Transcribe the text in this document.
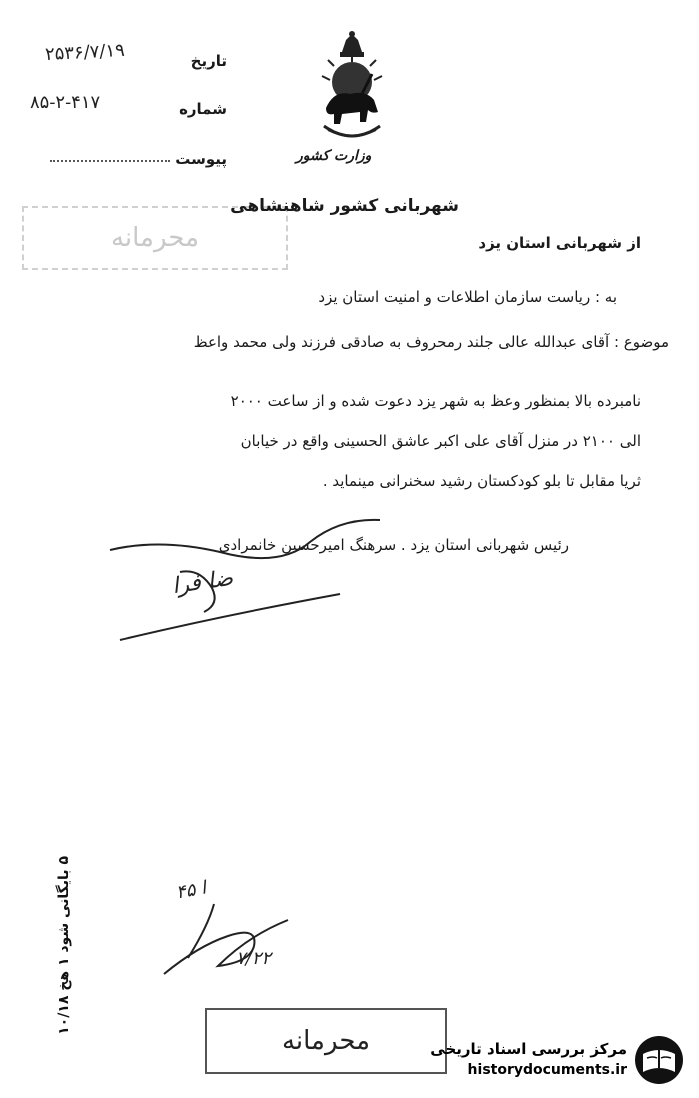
تاریخ
۲۵۳۶/۷/۱۹
شماره
۸۵-۲-۴۱۷
پیوست	وزارت کشور
محرمانه
شهربانی کشور شاهنشاهی
از شهربانی استان یزد
به : ریاست سازمان اطلاعات و امنیت استان یزد
موضوع : آقای عبدالله عالی جلند رمحروف به صادقی فرزند ولی محمد واعظ
نامبرده بالا بمنظور وعظ به شهر یزد دعوت شده و از ساعت ۲۰۰۰
الی ۲۱۰۰ در منزل آقای علی اکبر عاشق الحسینی واقع در خیابان
ثریا مقابل تا بلو کودکستان رشید سخنرانی مینماید .
رئیس شهربانی استان یزد . سرهنگ امیرحسین خانمرادی
ضا فرا
۵ بایگانی شود ۱ هخ ۱۰/۱۸
ا ۴۵
۷/۲۲
محرمانه	مرکز بررسی اسناد تاریخی
historydocuments.ir
